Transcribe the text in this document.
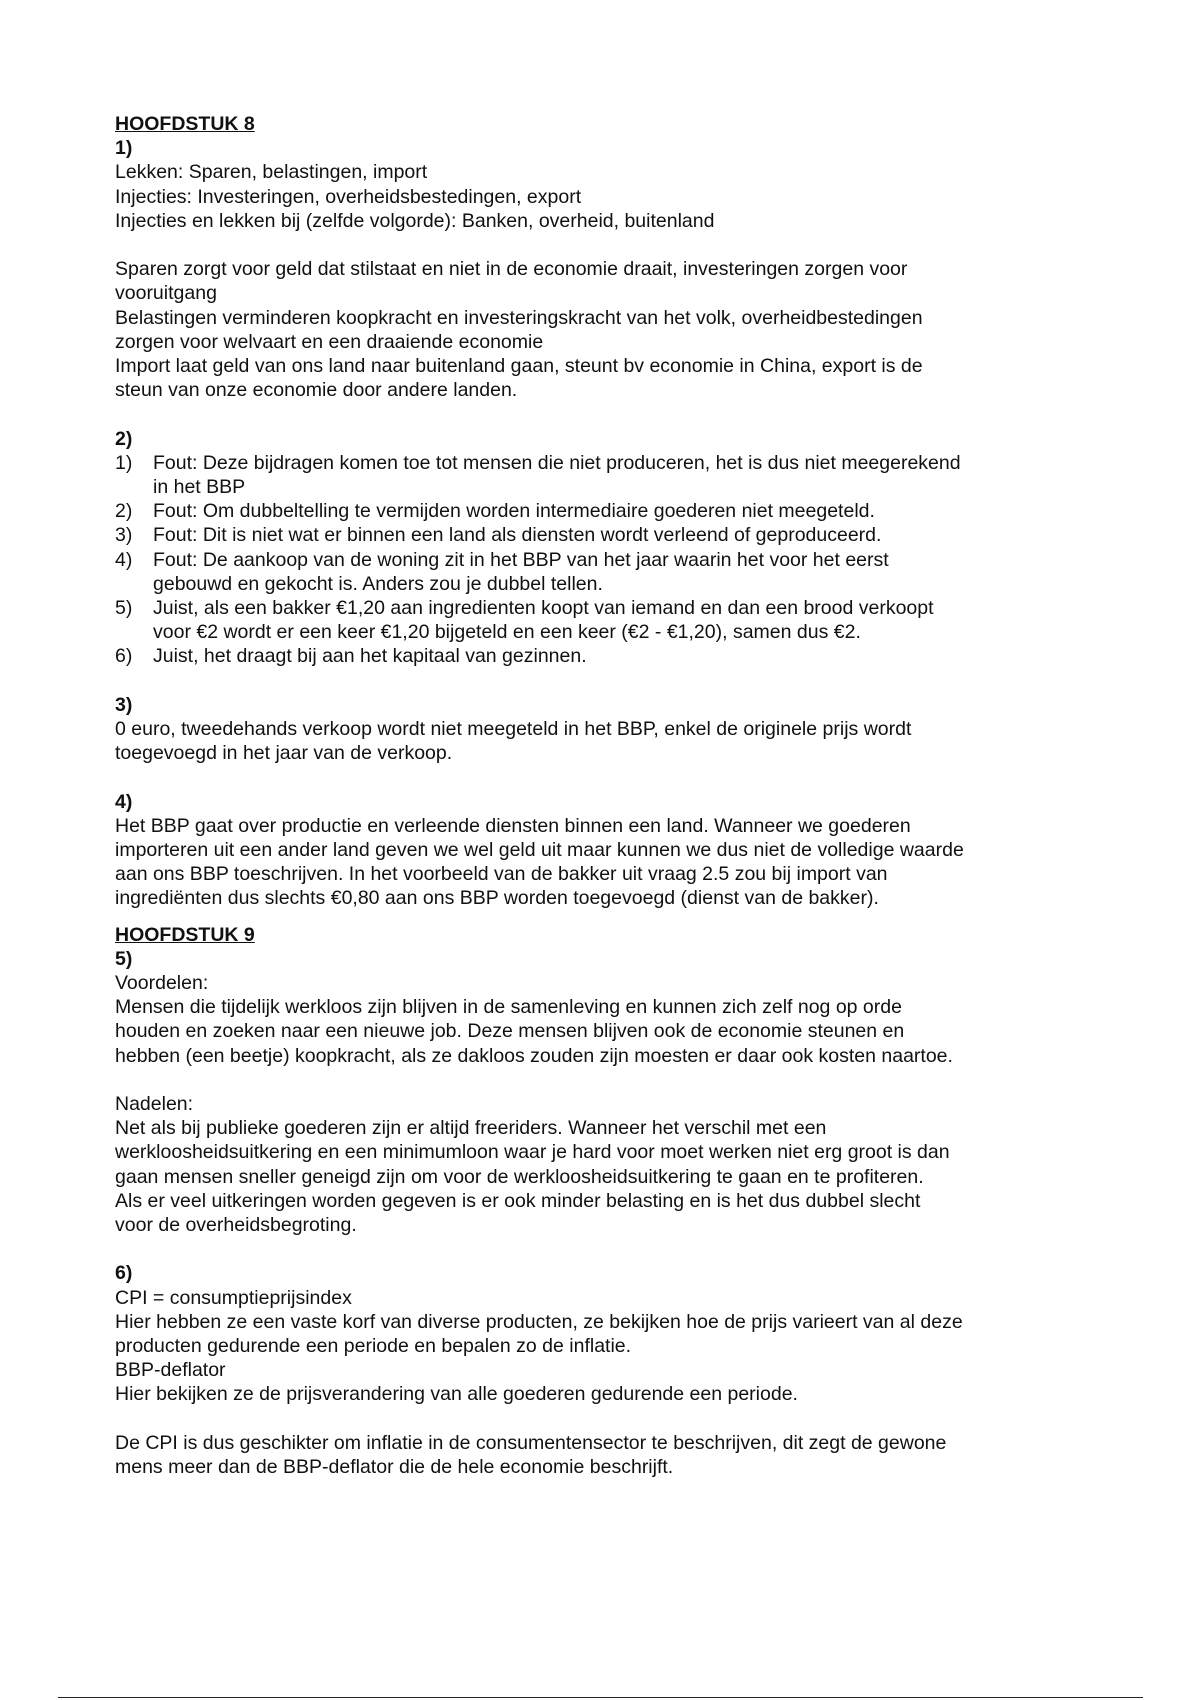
HOOFDSTUK 8

1)

Lekken: Sparen, belastingen, import

Injecties: Investeringen, overheidsbestedingen, export

Injecties en lekken bij (zelfde volgorde): Banken, overheid, buitenland

Sparen zorgt voor geld dat stilstaat en niet in de economie draait, investeringen zorgen voor

vooruitgang

Belastingen verminderen koopkracht en investeringskracht van het volk, overheidbestedingen

zorgen voor welvaart en een draaiende economie

Import laat geld van ons land naar buitenland gaan, steunt bv economie in China, export is de

steun van onze economie door andere landen.

2)

1) Fout: Deze bijdragen komen toe tot mensen die niet produceren, het is dus niet meegerekend

in het BBP

2) Fout: Om dubbeltelling te vermijden worden intermediaire goederen niet meegeteld.

3) Fout: Dit is niet wat er binnen een land als diensten wordt verleend of geproduceerd.

4) Fout: De aankoop van de woning zit in het BBP van het jaar waarin het voor het eerst

gebouwd en gekocht is. Anders zou je dubbel tellen.

5) Juist, als een bakker €1,20 aan ingredienten koopt van iemand en dan een brood verkoopt

voor €2 wordt er een keer €1,20 bijgeteld en een keer (€2 - €1,20), samen dus €2.

6) Juist, het draagt bij aan het kapitaal van gezinnen.

3)

0 euro, tweedehands verkoop wordt niet meegeteld in het BBP, enkel de originele prijs wordt

toegevoegd in het jaar van de verkoop.

4)

Het BBP gaat over productie en verleende diensten binnen een land. Wanneer we goederen

importeren uit een ander land geven we wel geld uit maar kunnen we dus niet de volledige waarde

aan ons BBP toeschrijven. In het voorbeeld van de bakker uit vraag 2.5 zou bij import van

ingrediënten dus slechts €0,80 aan ons BBP worden toegevoegd (dienst van de bakker).

HOOFDSTUK 9

5)

Voordelen:

Mensen die tijdelijk werkloos zijn blijven in de samenleving en kunnen zich zelf nog op orde

houden en zoeken naar een nieuwe job. Deze mensen blijven ook de economie steunen en

hebben (een beetje) koopkracht, als ze dakloos zouden zijn moesten er daar ook kosten naartoe.

Nadelen:

Net als bij publieke goederen zijn er altijd freeriders. Wanneer het verschil met een

werkloosheidsuitkering en een minimumloon waar je hard voor moet werken niet erg groot is dan

gaan mensen sneller geneigd zijn om voor de werkloosheidsuitkering te gaan en te profiteren.

Als er veel uitkeringen worden gegeven is er ook minder belasting en is het dus dubbel slecht

voor de overheidsbegroting.

6)

CPI = consumptieprijsindex

Hier hebben ze een vaste korf van diverse producten, ze bekijken hoe de prijs varieert van al deze

producten gedurende een periode en bepalen zo de inflatie.

BBP-deflator

Hier bekijken ze de prijsverandering van alle goederen gedurende een periode.

De CPI is dus geschikter om inflatie in de consumentensector te beschrijven, dit zegt de gewone

mens meer dan de BBP-deflator die de hele economie beschrijft.
